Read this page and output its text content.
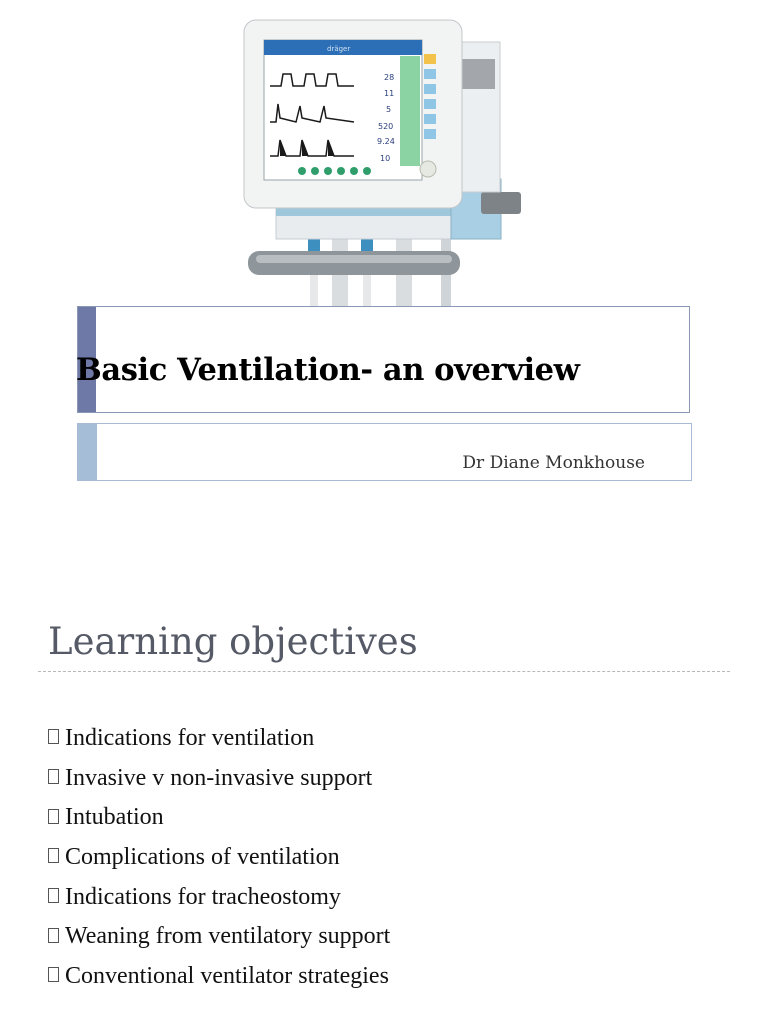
dräger
28
11
5
520
9.24
10
Basic Ventilation- an overview
Dr Diane Monkhouse
Learning objectives
Indications for ventilation
Invasive v non-invasive support
Intubation
Complications of ventilation
Indications for tracheostomy
Weaning from ventilatory support
Conventional ventilator strategies
